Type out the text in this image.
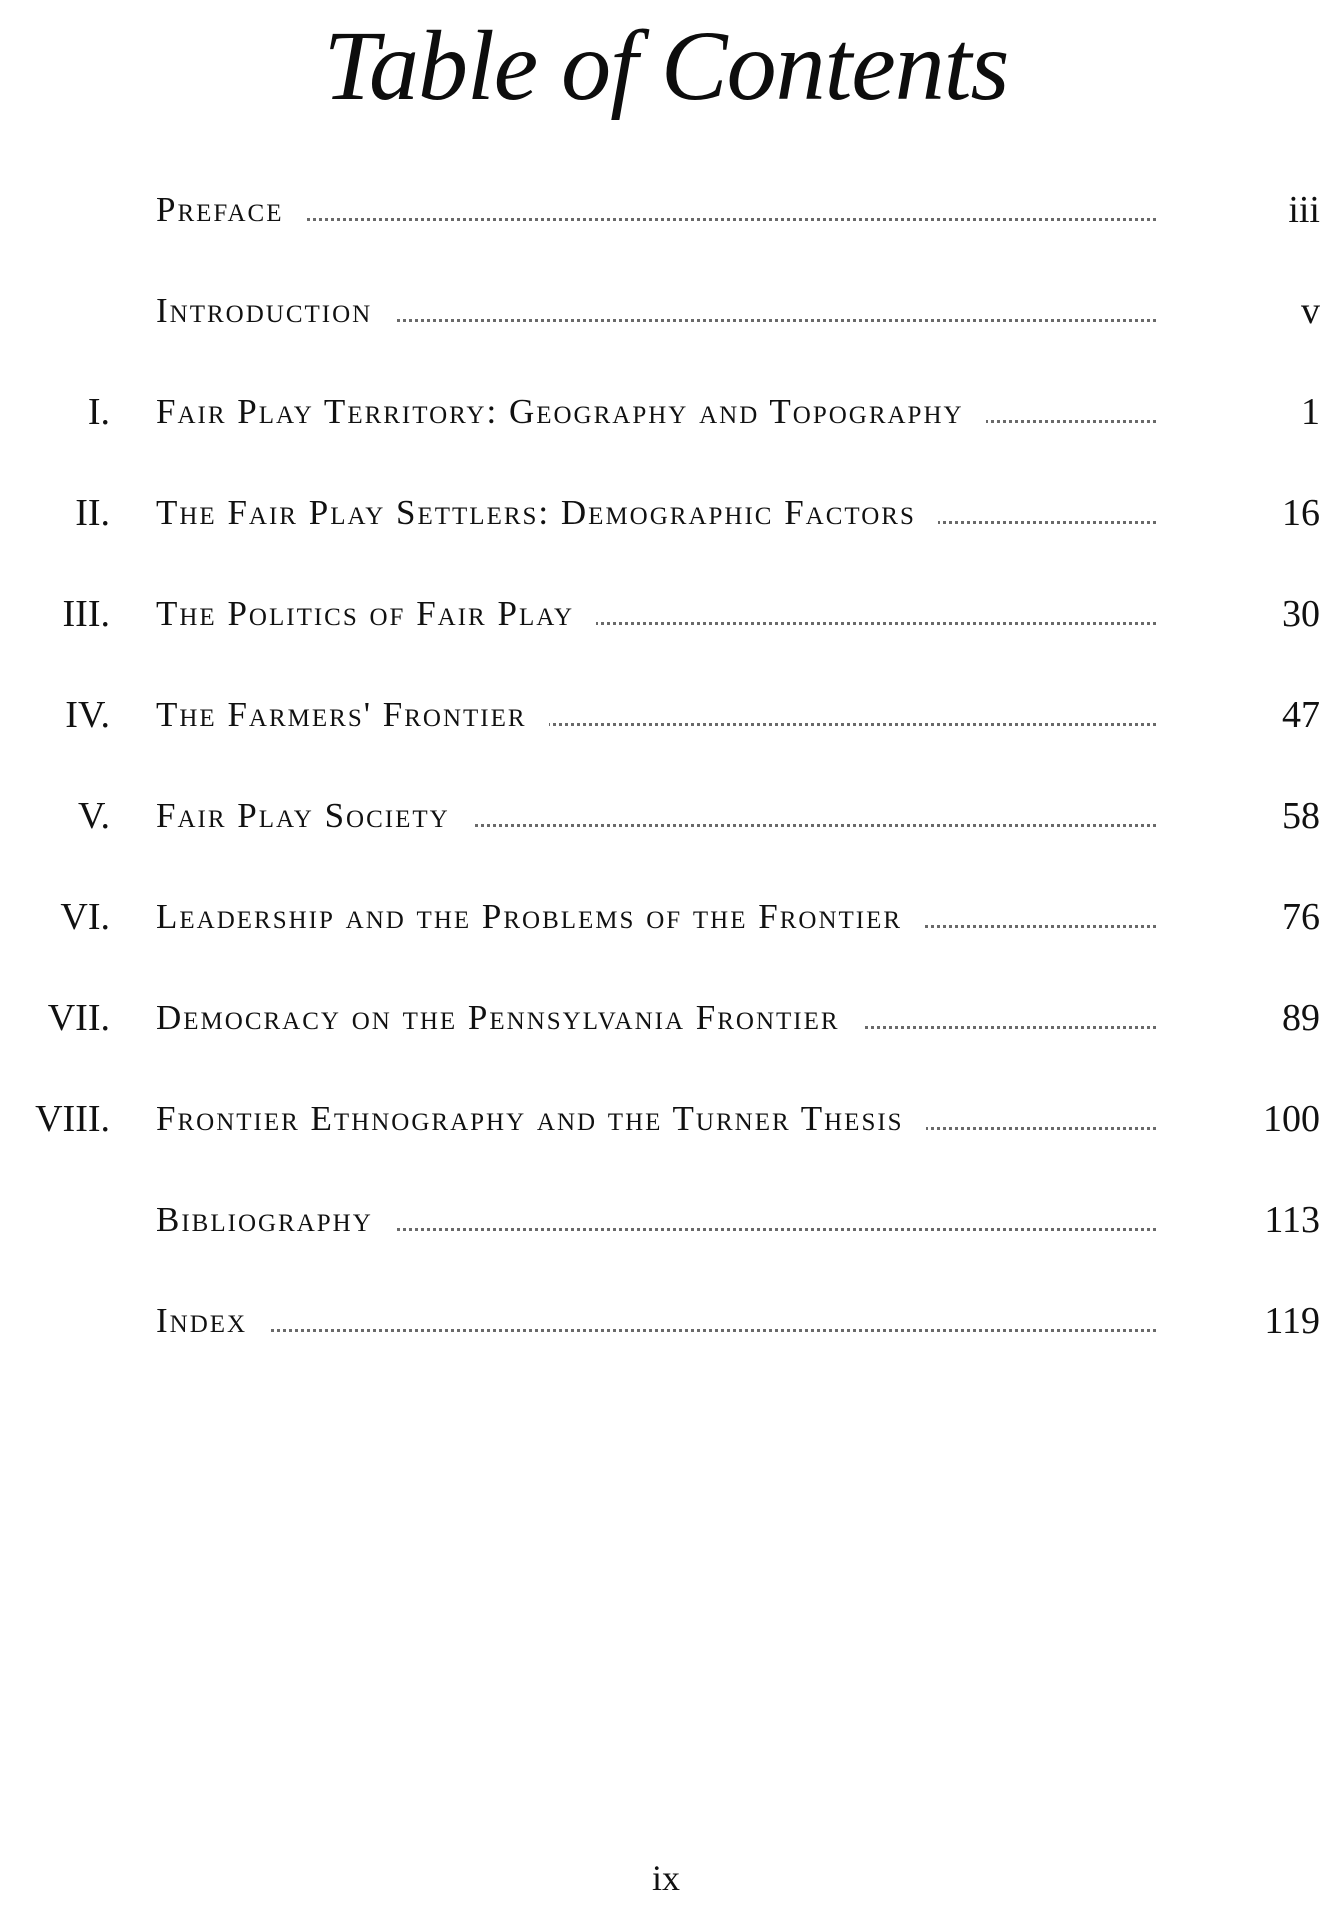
Table of Contents
Preface	iii
Introduction	v
I. Fair Play Territory: Geography and Topography	1
II. The Fair Play Settlers: Demographic Factors	16
III. The Politics of Fair Play	30
IV. The Farmers' Frontier	47
V. Fair Play Society	58
VI. Leadership and the Problems of the Frontier	76
VII. Democracy on the Pennsylvania Frontier	89
VIII. Frontier Ethnography and the Turner Thesis	100
Bibliography	113
Index	119
ix
